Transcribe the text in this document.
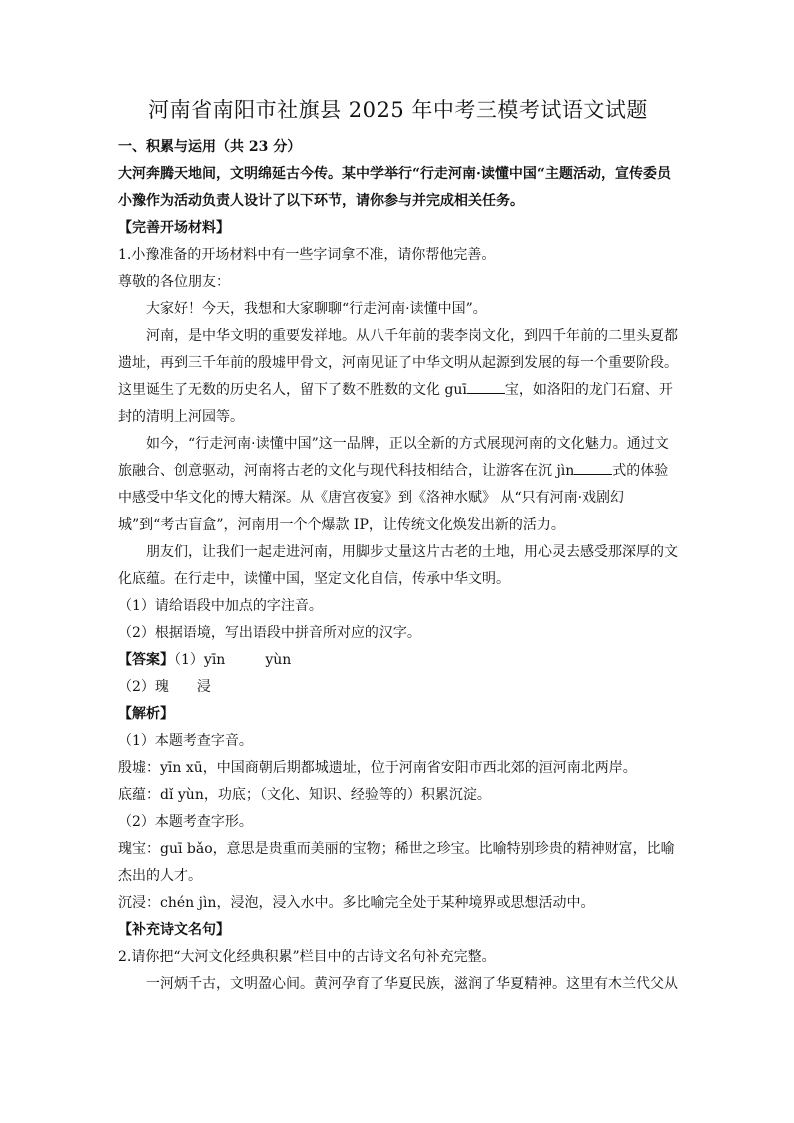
河南省南阳市社旗县 2025 年中考三模考试语文试题

一、积累与运用（共 23 分）

大河奔腾天地间，文明绵延古今传。某中学举行“行走河南·读懂中国“主题活动，宣传委员小豫作为活动负责人设计了以下环节，请你参与并完成相关任务。

【完善开场材料】

1.小豫准备的开场材料中有一些字词拿不准，请你帮他完善。

尊敬的各位朋友：

大家好！今天，我想和大家聊聊“行走河南·读懂中国”。

河南，是中华文明的重要发祥地。从八千年前的裴李岗文化，到四千年前的二里头夏都遗址，再到三千年前的殷墟甲骨文，河南见证了中华文明从起源到发展的每一个重要阶段。这里诞生了无数的历史名人，留下了数不胜数的文化 guī	宝，如洛阳的龙门石窟、开封的清明上河园等。

如今，“行走河南·读懂中国”这一品牌，正以全新的方式展现河南的文化魅力。通过文旅融合、创意驱动，河南将古老的文化与现代科技相结合，让游客在沉 jìn	式的体验中感受中华文化的博大精深。从《唐宫夜宴》到《洛神水赋》 从“只有河南·戏剧幻城”到“考古盲盒”，河南用一个个爆款 IP，让传统文化焕发出新的活力。

朋友们，让我们一起走进河南，用脚步丈量这片古老的土地，用心灵去感受那深厚的文化底蕴。在行走中，读懂中国，坚定文化自信，传承中华文明。

（1）请给语段中加点的字注音。

（2）根据语境，写出语段中拼音所对应的汉字。

【答案】（1）yīn	yùn

（2）瑰 浸

【解析】

（1）本题考查字音。

殷墟：yīn xū，中国商朝后期都城遗址，位于河南省安阳市西北郊的洹河南北两岸。

底蕴：dǐ yùn，功底；（文化、知识、经验等的）积累沉淀。

（2）本题考查字形。

瑰宝：guī bǎo，意思是贵重而美丽的宝物；稀世之珍宝。比喻特别珍贵的精神财富，比喻杰出的人才。

沉浸：chén jìn，浸泡，浸入水中。多比喻完全处于某种境界或思想活动中。

【补充诗文名句】

2.请你把“大河文化经典积累”栏目中的古诗文名句补充完整。

一河炳千古，文明盈心间。黄河孕育了华夏民族，滋润了华夏精神。这里有木兰代父从
